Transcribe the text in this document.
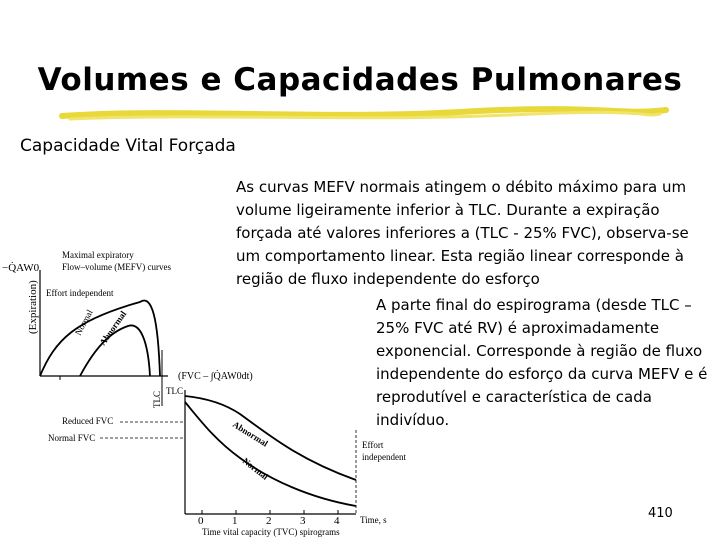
Volumes e Capacidades Pulmonares

Capacidade Vital Forçada

As curvas MEFV normais atingem o débito máximo para um volume ligeiramente inferior à TLC. Durante a expiração forçada até valores inferiores a (TLC - 25% FVC), observa-se um comportamento linear. Esta região linear corresponde à região de fluxo independente do esforço

A parte final do espirograma (desde TLC – 25% FVC até RV) é aproximadamente exponencial. Corresponde à região de fluxo independente do esforço da curva MEFV e é reprodutível e característica de cada indivíduo.

−Q̇AW0
(Expiration)
Maximal expiratory
Flow–volume (MEFV) curves
Effort independent
Normal Abnormal
TLC
(FVC – ∫Q̇AW0dt)
TLC
Reduced FVC
Normal FVC
Effort
independent
Abnormal
Normal
0	1	2	3	4 Time, s
Time vital capacity (TVC) spirograms
410
